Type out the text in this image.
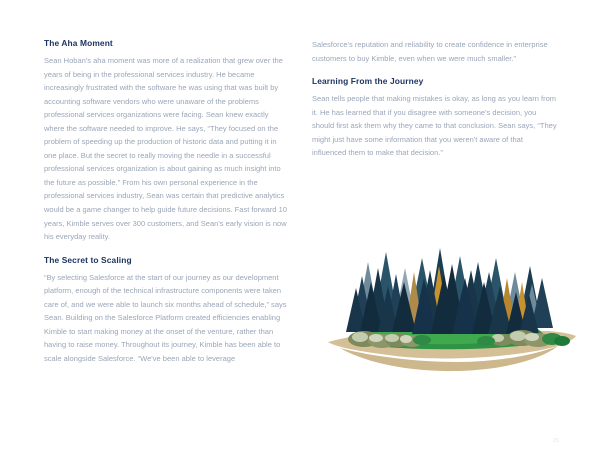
The Aha Moment

Sean Hoban's aha moment was more of a realization that grew over the years of being in the professional services industry. He became increasingly frustrated with the software he was using that was built by accounting software vendors who were unaware of the problems professional services organizations were facing. Sean knew exactly where the software needed to improve. He says, “They focused on the problem of speeding up the production of historic data and putting it in one place. But the secret to really moving the needle in a successful professional services organization is about gaining as much insight into the future as possible.” From his own personal experience in the professional services industry, Sean was certain that predictive analytics would be a game changer to help guide future decisions. Fast forward 10 years, Kimble serves over 300 customers, and Sean's early vision is now his everyday reality.

The Secret to Scaling

“By selecting Salesforce at the start of our journey as our development platform, enough of the technical infrastructure components were taken care of, and we were able to launch six months ahead of schedule,” says Sean. Building on the Salesforce Platform created efficiencies enabling Kimble to start making money at the onset of the venture, rather than having to raise money. Throughout its journey, Kimble has been able to scale alongside Salesforce. “We've been able to leverage

Salesforce's reputation and reliability to create confidence in enterprise customers to buy Kimble, even when we were much smaller.”

Learning From the Journey

Sean tells people that making mistakes is okay, as long as you learn from it. He has learned that if you disagree with someone's decision, you should first ask them why they came to that conclusion. Sean says, “They might just have some information that you weren't aware of that influenced them to make that decision.”

25
